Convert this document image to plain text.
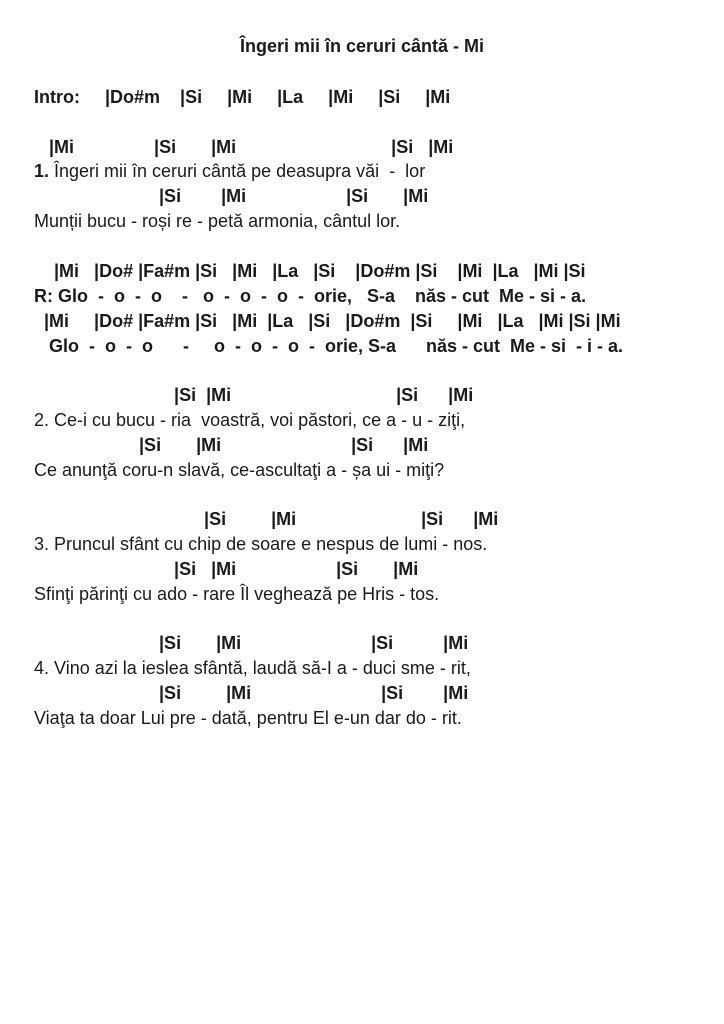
Îngeri mii în ceruri cântă - Mi
Intro:     |Do#m    |Si     |Mi     |La     |Mi     |Si     |Mi
|Mi                |Si       |Mi                               |Si   |Mi
1. Îngeri mii în ceruri cântă pe deasupra văi  -  lor
|Si        |Mi                    |Si       |Mi
Munții bucu - roși re - petă armonia, cântul lor.
|Mi   |Do# |Fa#m |Si   |Mi   |La   |Si    |Do#m |Si    |Mi  |La   |Mi |Si
R: Glo  -  o  -  o    -   o  -  o  -  o  -  orie,   S-a    năs - cut  Me - si - a.
|Mi     |Do# |Fa#m |Si   |Mi  |La   |Si   |Do#m  |Si     |Mi   |La   |Mi |Si |Mi
Glo  -  o  -  o      -     o  -  o  -  o  -  orie, S-a      năs - cut  Me - si  - i - a.
|Si  |Mi                                 |Si      |Mi
2. Ce-i cu bucu - ria  voastră, voi păstori, ce a - u - ziţi,
|Si       |Mi                          |Si      |Mi
Ce anunţă coru-n slavă, ce-ascultaţi a - șa ui - miţi?
|Si         |Mi                         |Si      |Mi
3. Pruncul sfânt cu chip de soare e nespus de lumi - nos.
|Si   |Mi                    |Si       |Mi
Sfinţi părinţi cu ado - rare Îl veghează pe Hris - tos.
|Si       |Mi                          |Si          |Mi
4. Vino azi la ieslea sfântă, laudă să-I a - duci sme - rit,
|Si         |Mi                          |Si        |Mi
Viaţa ta doar Lui pre - dată, pentru El e-un dar do - rit.
